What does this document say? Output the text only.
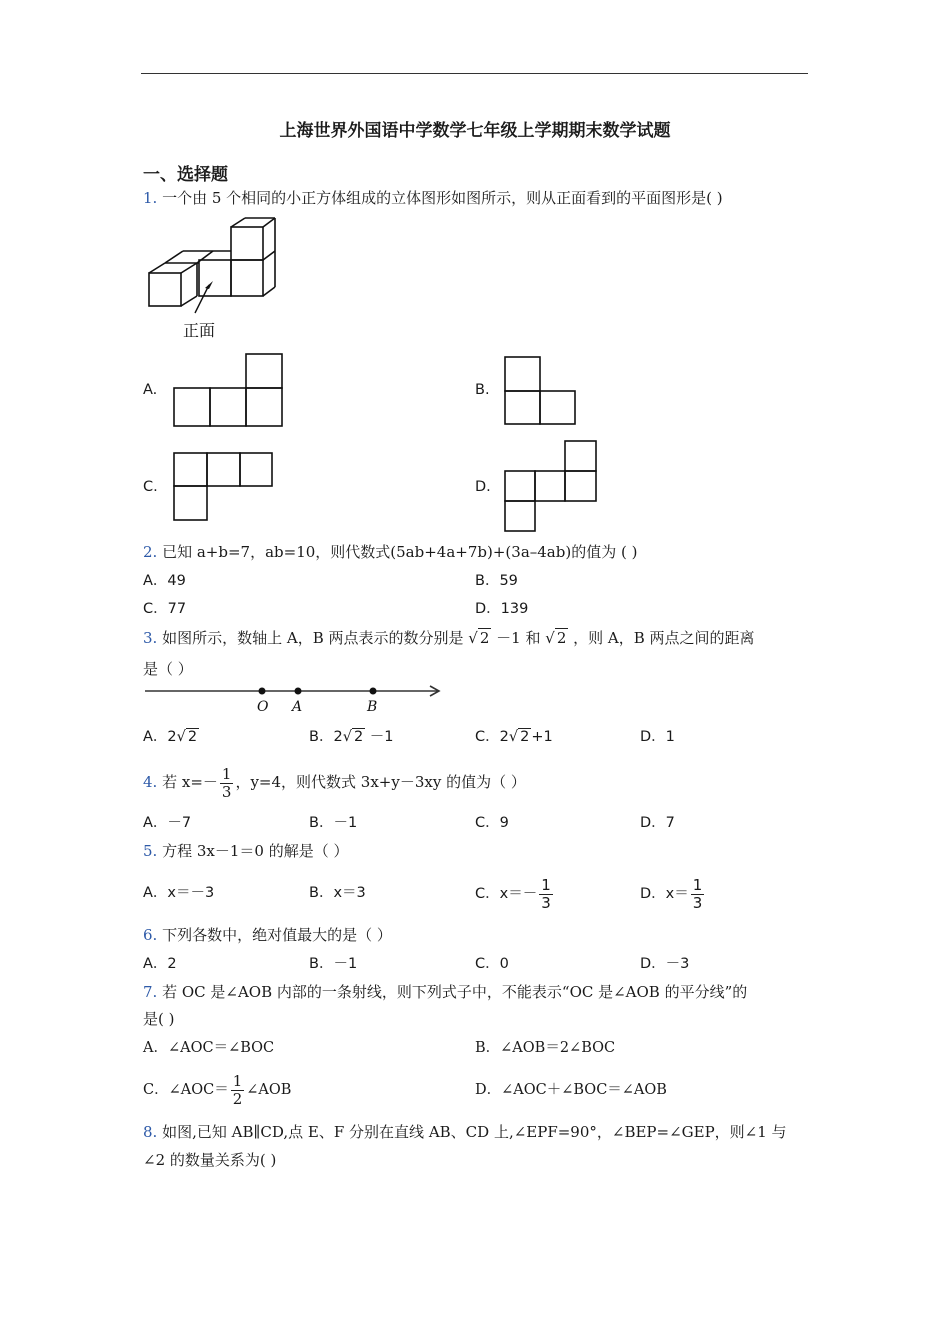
上海世界外国语中学数学七年级上学期期末数学试题
一、选择题
1. 一个由 5 个相同的小正方体组成的立体图形如图所示，则从正面看到的平面图形是( )
正面
A.	B.
C.	D.
2. 已知 a+b=7，ab=10，则代数式(5ab+4a+7b)+(3a–4ab)的值为 ( )
A．49	B．59
C．77	D．139
3. 如图所示，数轴上 A，B 两点表示的数分别是 √ 2 －1 和 √ 2 ，则 A，B 两点之间的距离
是（ ）
O A	B
A．2√ 2	B．2√ 2 －1	C．2√ 2 +1	D．1
4. 若 $x=- \frac{1}{3}$ ，y=4，则代数式 3x+y－3xy 的值为（ ）
A．－7	B．－1	C．9	D．7
5. 方程 3x－1＝0 的解是（ ）
A．x＝－3	B．x＝3	C．$x=- \frac{1}{3}$	D．$x= \frac{1}{3}$
6. 下列各数中，绝对值最大的是（ ）
A．2	B．－1	C．0	D．－3
7. 若 OC 是∠AOB 内部的一条射线，则下列式子中，不能表示“OC 是∠AOB 的平分线”的
是( )
A．∠AOC＝∠BOC	B．∠AOB＝2∠BOC
C．∠AOC＝ $\frac{1}{2}$ ∠AOB	D．∠AOC＋∠BOC＝∠AOB
8. 如图,已知 AB∥CD,点 E、F 分别在直线 AB、CD 上,∠EPF=90°，∠BEP=∠GEP，则∠1 与
∠2 的数量关系为( )
